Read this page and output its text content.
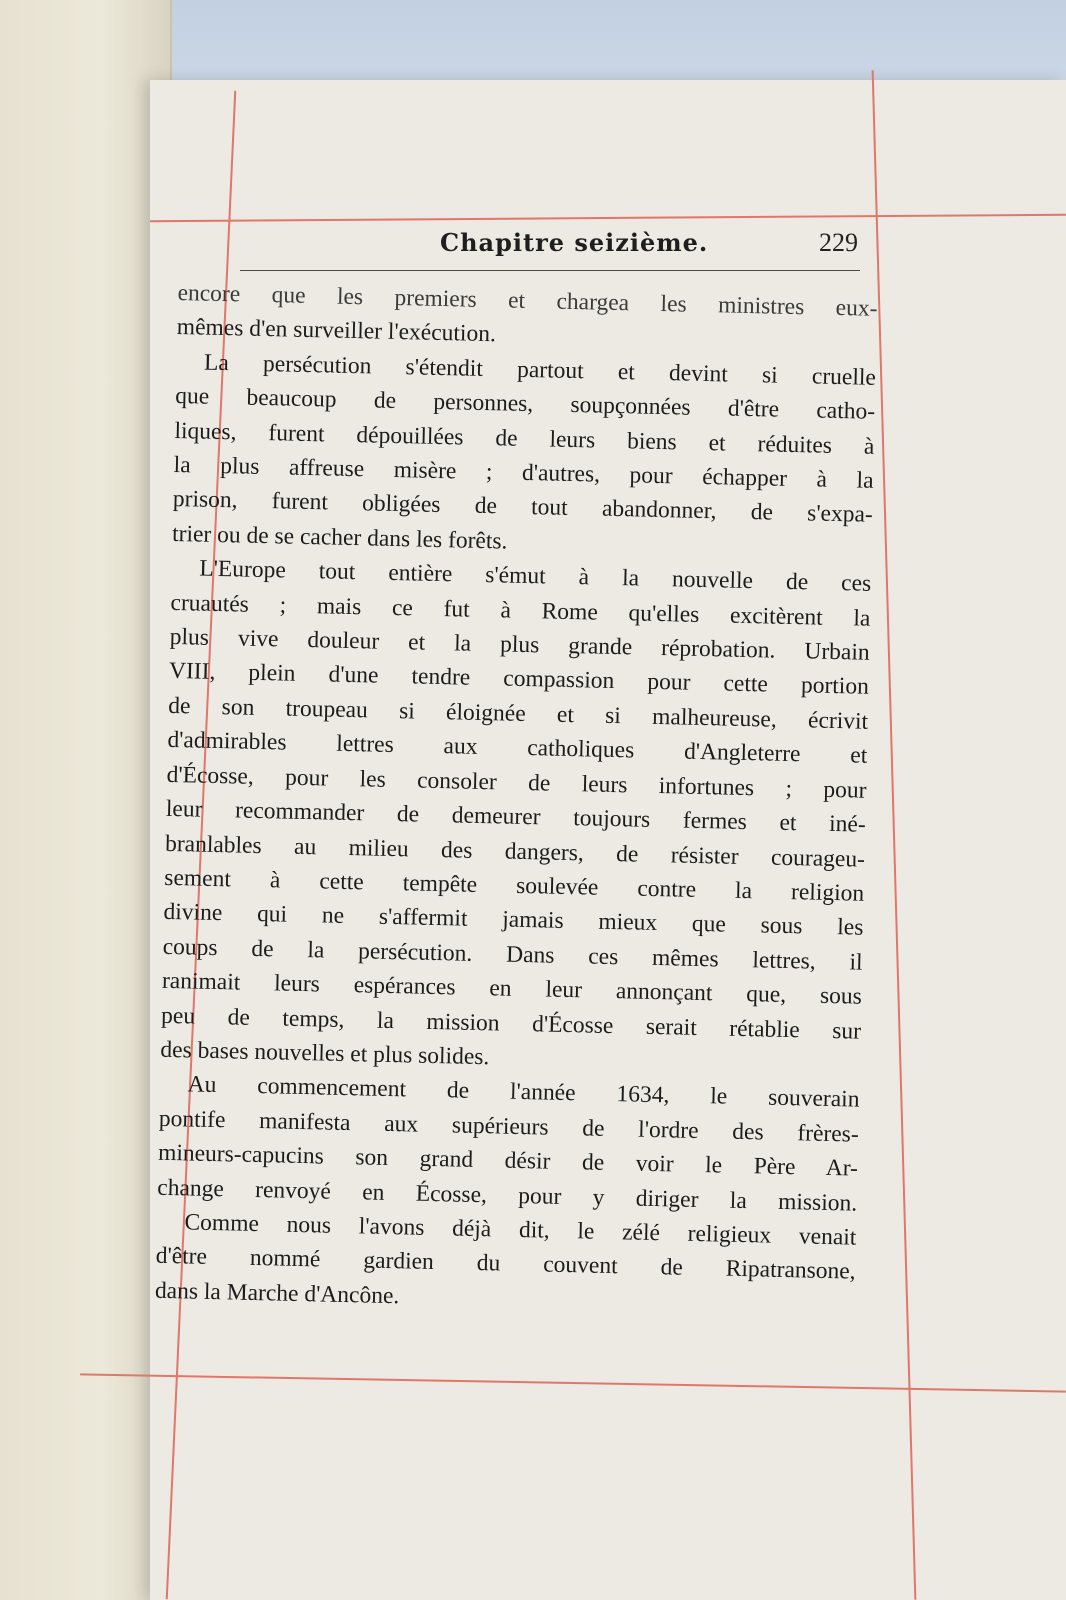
Chapitre seizième.	229
encore que les premiers et chargea les ministres eux-
mêmes d'en surveiller l'exécution.
La persécution s'étendit partout et devint si cruelle
que beaucoup de personnes, soupçonnées d'être catho-
liques, furent dépouillées de leurs biens et réduites à
la plus affreuse misère ; d'autres, pour échapper à la
prison, furent obligées de tout abandonner, de s'expa-
trier ou de se cacher dans les forêts.
L'Europe tout entière s'émut à la nouvelle de ces
cruautés ; mais ce fut à Rome qu'elles excitèrent la
plus vive douleur et la plus grande réprobation. Urbain
VIII, plein d'une tendre compassion pour cette portion
de son troupeau si éloignée et si malheureuse, écrivit
d'admirables lettres aux catholiques d'Angleterre et
d'Écosse, pour les consoler de leurs infortunes ; pour
leur recommander de demeurer toujours fermes et iné-
branlables au milieu des dangers, de résister courageu-
sement à cette tempête soulevée contre la religion
divine qui ne s'affermit jamais mieux que sous les
coups de la persécution. Dans ces mêmes lettres, il
ranimait leurs espérances en leur annonçant que, sous
peu de temps, la mission d'Écosse serait rétablie sur
des bases nouvelles et plus solides.
Au commencement de l'année 1634, le souverain
pontife manifesta aux supérieurs de l'ordre des frères-
mineurs-capucins son grand désir de voir le Père Ar-
change renvoyé en Écosse, pour y diriger la mission.
Comme nous l'avons déjà dit, le zélé religieux venait
d'être nommé gardien du couvent de Ripatransone,
dans la Marche d'Ancône.
